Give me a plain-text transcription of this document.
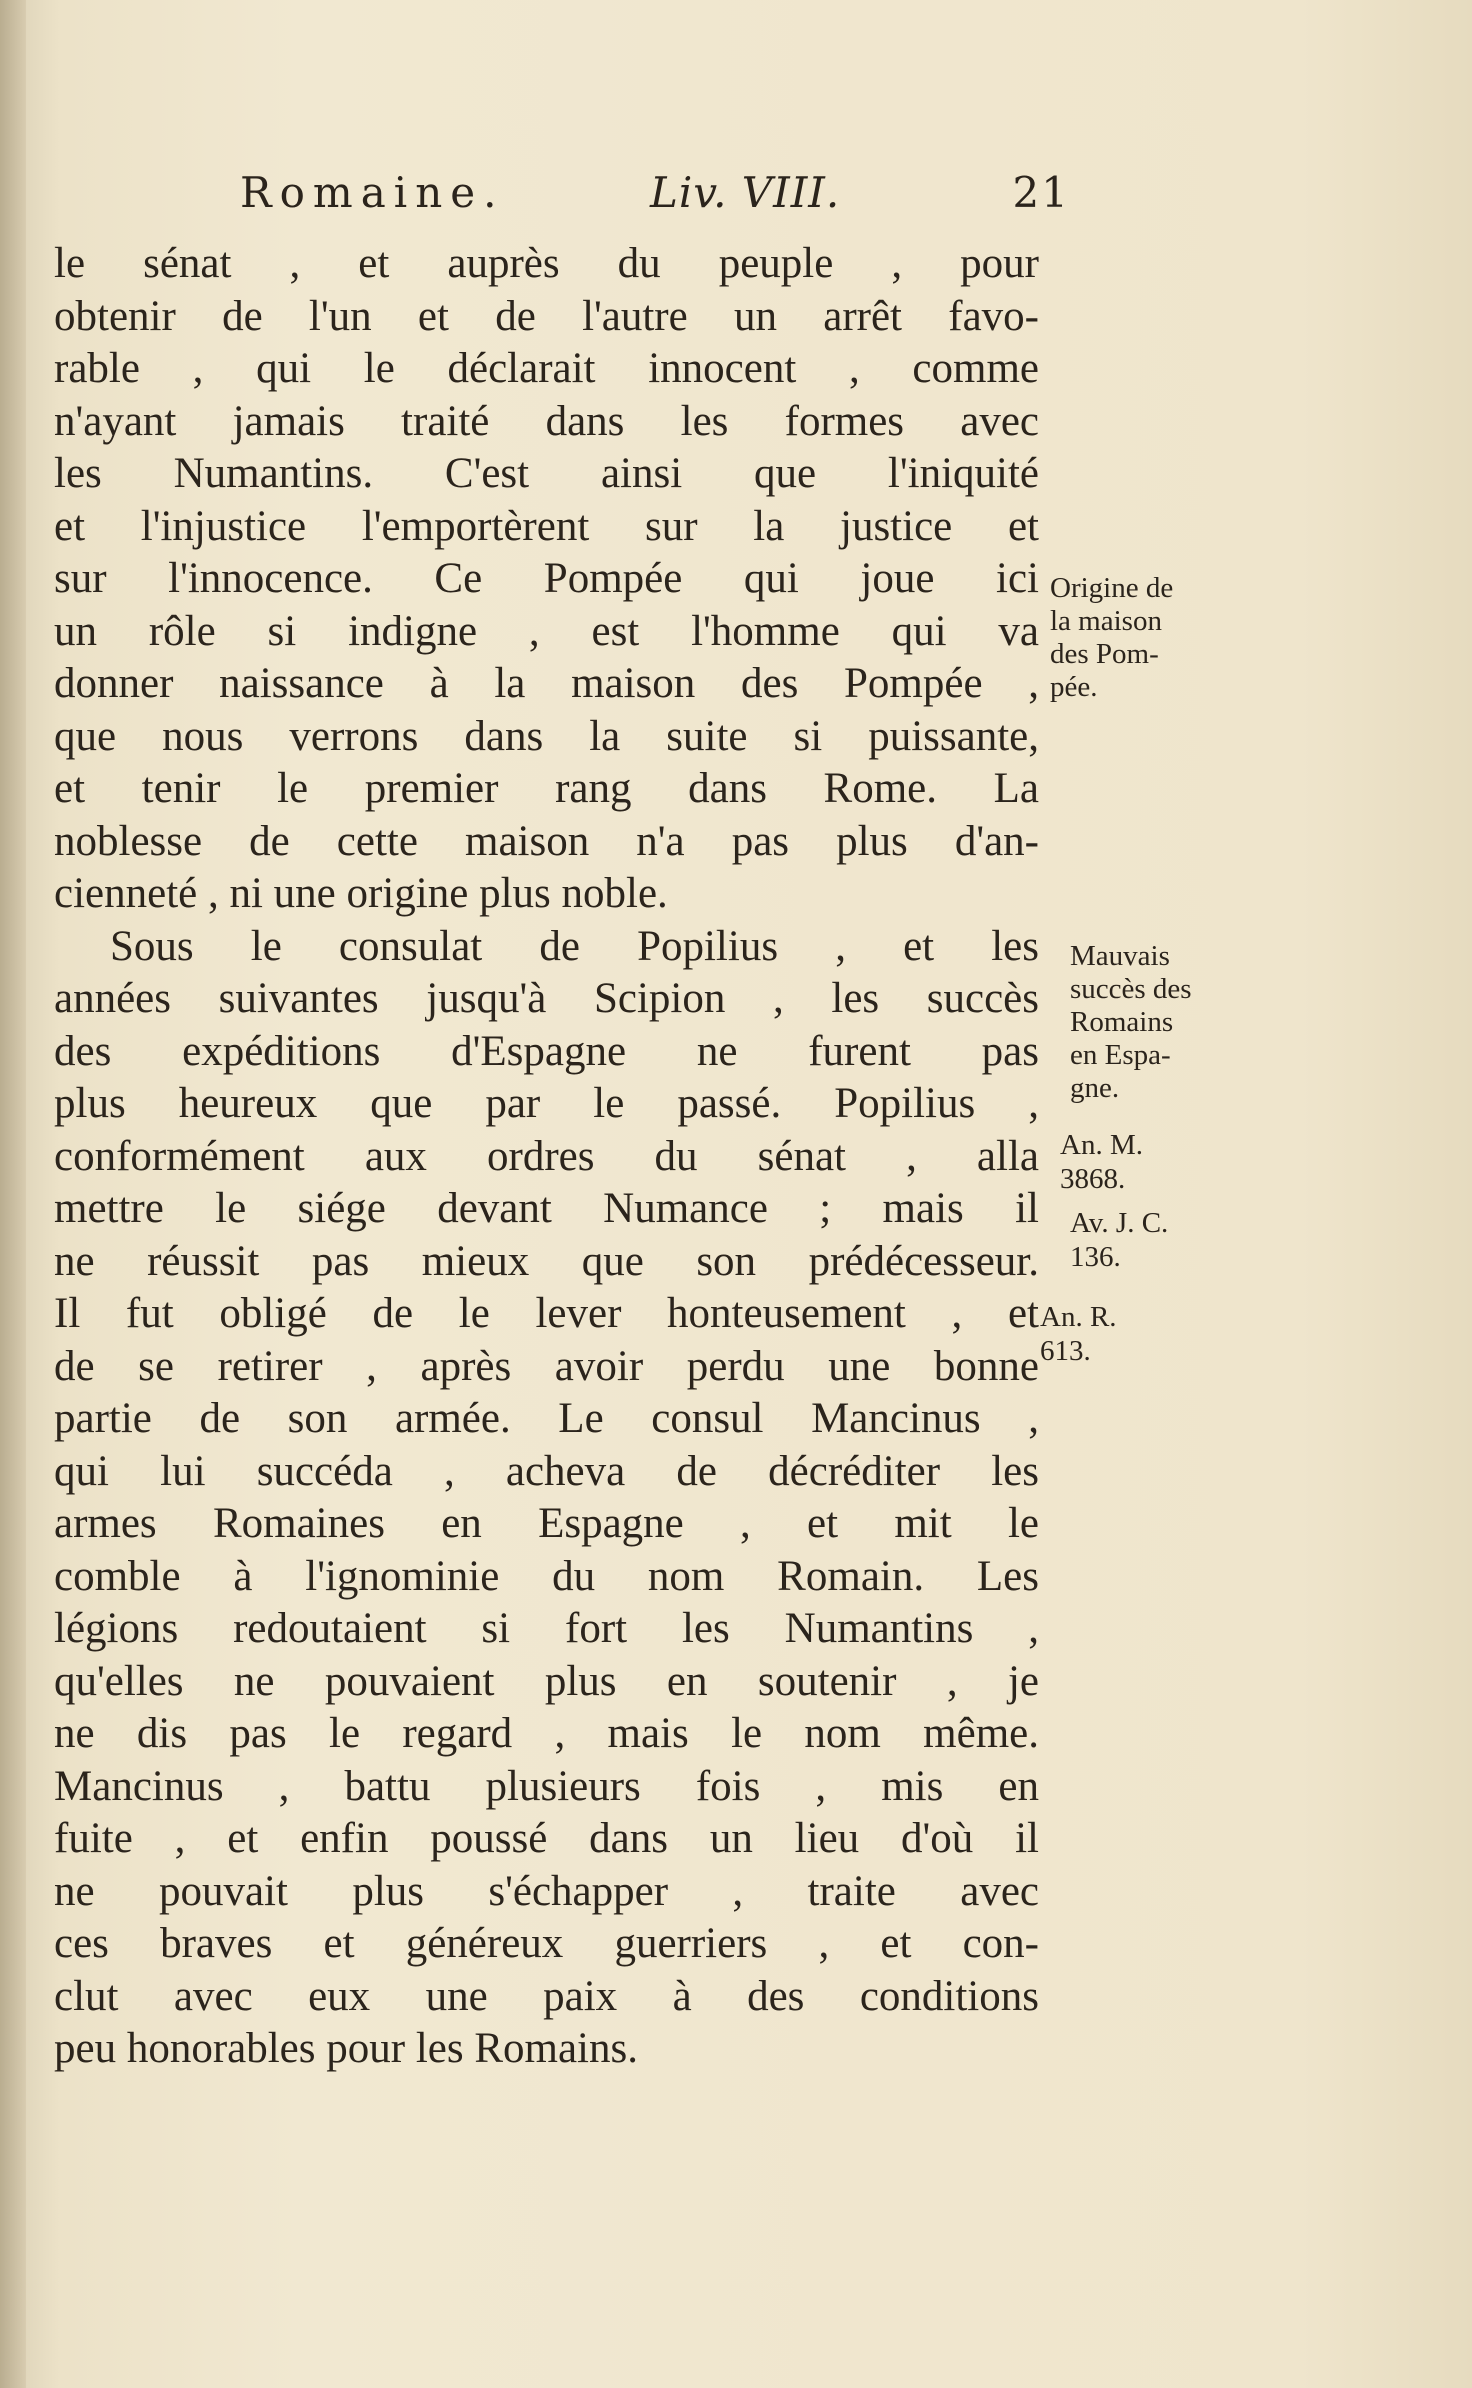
Romaine.	Liv. VIII.	21
le sénat , et auprès du peuple , pour
obtenir de l'un et de l'autre un arrêt favo-
rable , qui le déclarait innocent , comme
n'ayant jamais traité dans les formes avec
les Numantins. C'est ainsi que l'iniquité
et l'injustice l'emportèrent sur la justice et
sur l'innocence. Ce Pompée qui joue ici
un rôle si indigne , est l'homme qui va
donner naissance à la maison des Pompée ,
que nous verrons dans la suite si puissante,
et tenir le premier rang dans Rome. La
noblesse de cette maison n'a pas plus d'an-
cienneté , ni une origine plus noble.
Sous le consulat de Popilius , et les
années suivantes jusqu'à Scipion , les succès
des expéditions d'Espagne ne furent pas
plus heureux que par le passé. Popilius ,
conformément aux ordres du sénat , alla
mettre le siége devant Numance ; mais il
ne réussit pas mieux que son prédécesseur.
Il fut obligé de le lever honteusement , et
de se retirer , après avoir perdu une bonne
partie de son armée. Le consul Mancinus ,
qui lui succéda , acheva de décréditer les
armes Romaines en Espagne , et mit le
comble à l'ignominie du nom Romain. Les
légions redoutaient si fort les Numantins ,
qu'elles ne pouvaient plus en soutenir , je
ne dis pas le regard , mais le nom même.
Mancinus , battu plusieurs fois , mis en
fuite , et enfin poussé dans un lieu d'où il
ne pouvait plus s'échapper , traite avec
ces braves et généreux guerriers , et con-
clut avec eux une paix à des conditions
peu honorables pour les Romains.
Origine de
la maison
des Pom-
pée.
Mauvais
succès des
Romains
en Espa-
gne.
An. M.
3868.
Av. J. C.
136.
An. R.
613.
